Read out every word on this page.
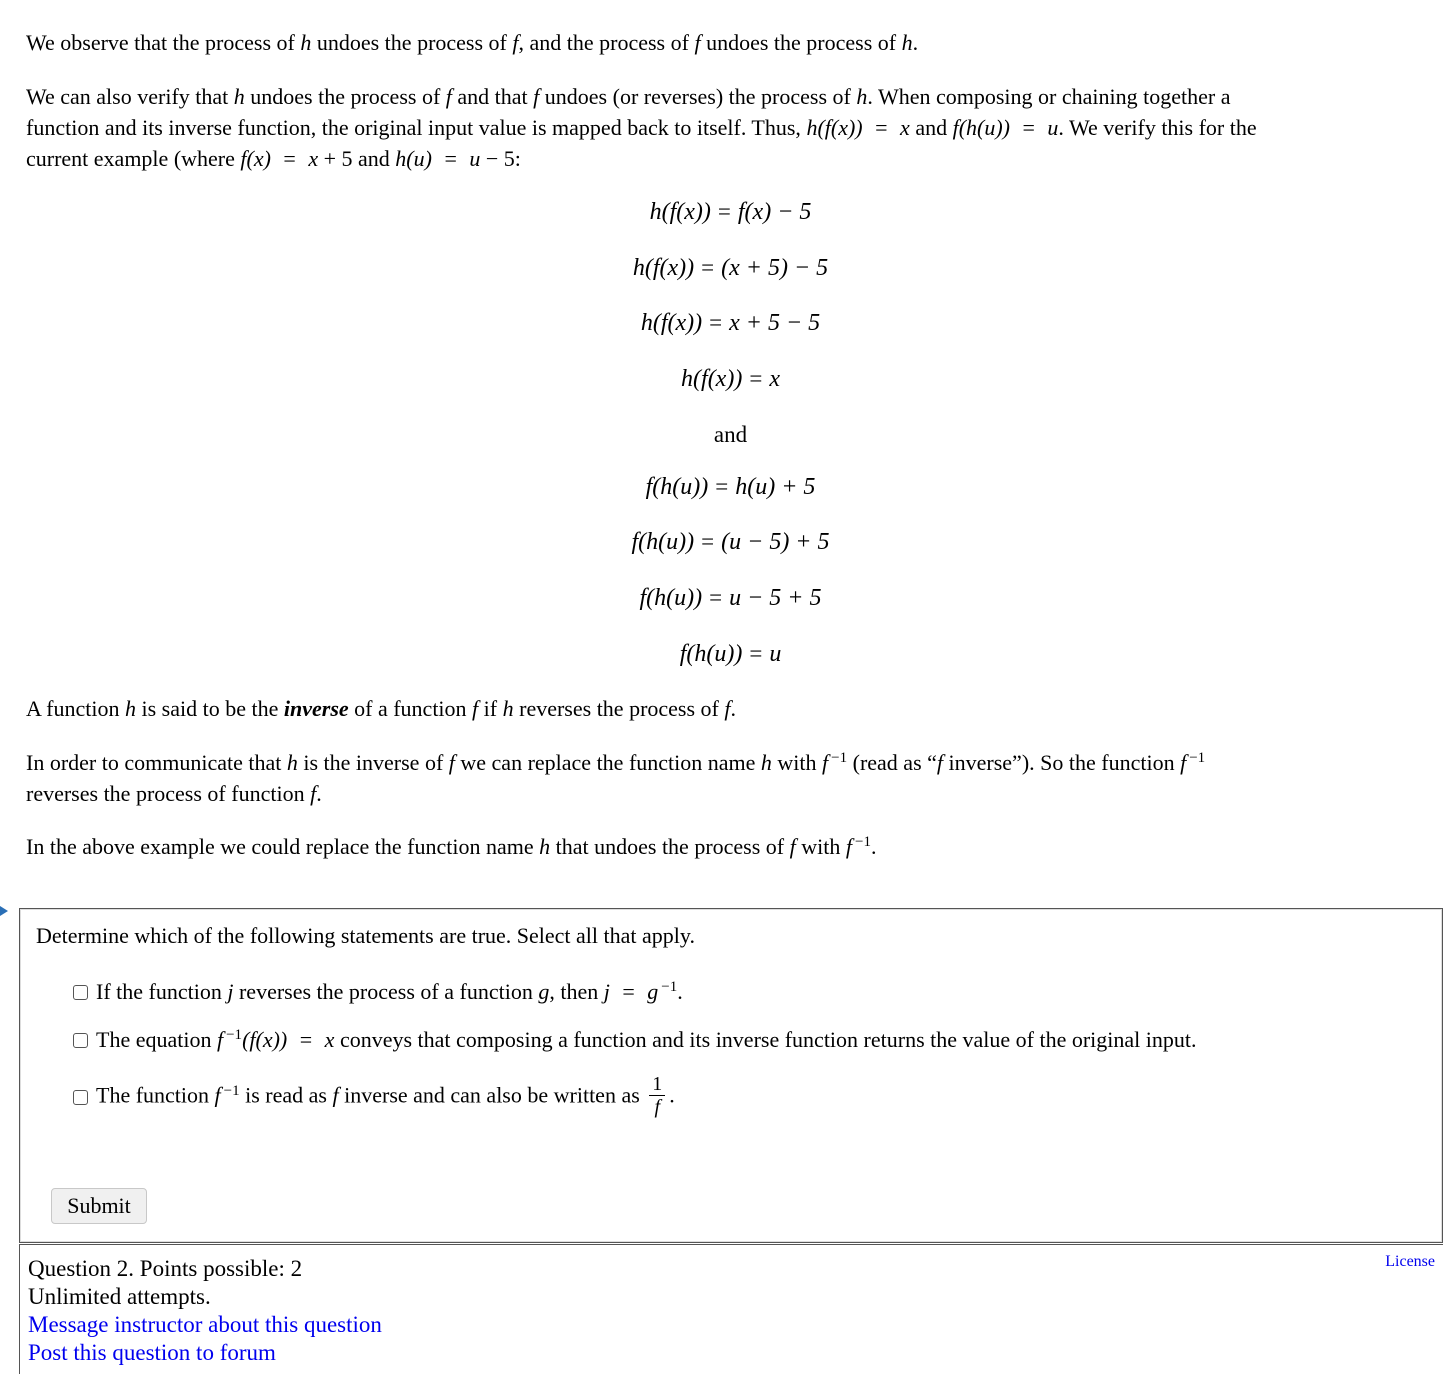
We observe that the process of h undoes the process of f, and the process of f undoes the process of h.

We can also verify that h undoes the process of f and that f undoes (or reverses) the process of h. When composing or chaining together a
function and its inverse function, the original input value is mapped back to itself. Thus, h(f(x)) = x and f(h(u)) = u. We verify this for the
current example (where f(x) = x + 5 and h(u) = u − 5:

h(f(x)) = f(x) − 5
h(f(x)) = (x + 5) − 5
h(f(x)) = x + 5 − 5
h(f(x)) = x
and
f(h(u)) = h(u) + 5
f(h(u)) = (u − 5) + 5
f(h(u)) = u − 5 + 5
f(h(u)) = u

A function h is said to be the inverse of a function f if h reverses the process of f.

In order to communicate that h is the inverse of f we can replace the function name h with f $^{-1}$ (read as “f inverse”). So the function f $^{-1}$
reverses the process of function f.

In the above example we could replace the function name h that undoes the process of f with f $^{-1}$.

Determine which of the following statements are true. Select all that apply.
If the function j reverses the process of a function g, then j = g $^{-1}$.
The equation f $^{-1}$(f(x)) = x conveys that composing a function and its inverse function returns the value of the original input.
The function f $^{-1}$ is read as f inverse and can also be written as $\frac{1}{f}$ .
Submit
Question 2. Points possible: 2
Unlimited attempts.
Message instructor about this question
Post this question to forum
License
